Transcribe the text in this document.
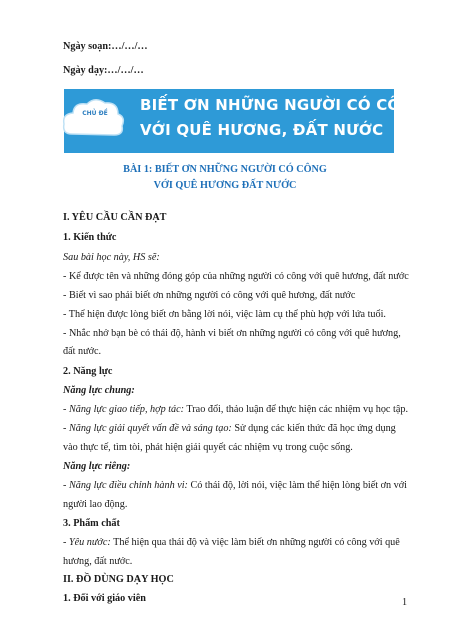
Ngày soạn:…/…/…
Ngày dạy:…/…/…
CHỦ ĐỀ	BIẾT ƠN NHỮNG NGƯỜI CÓ CÔNG
VỚI QUÊ HƯƠNG, ĐẤT NƯỚC
BÀI 1: BIẾT ƠN NHỮNG NGƯỜI CÓ CÔNG
VỚI QUÊ HƯƠNG ĐẤT NƯỚC
I. YÊU CẦU CẦN ĐẠT
1. Kiến thức
Sau bài học này, HS sẽ:
- Kể được tên và những đóng góp của những người có công với quê hương, đất nước
- Biết vì sao phải biết ơn những người có công với quê hương, đất nước
- Thể hiện được lòng biết ơn bằng lời nói, việc làm cụ thể phù hợp với lứa tuổi.
- Nhắc nhở bạn bè có thái độ, hành vi biết ơn những người có công với quê hương,
đất nước.
2. Năng lực
Năng lực chung:
- Năng lực giao tiếp, hợp tác: Trao đổi, thảo luận để thực hiện các nhiệm vụ học tập.
- Năng lực giải quyết vấn đề và sáng tạo: Sử dụng các kiến thức đã học ứng dụng
vào thực tế, tìm tòi, phát hiện giải quyết các nhiệm vụ trong cuộc sống.
Năng lực riêng:
- Năng lực điều chỉnh hành vi: Có thái độ, lời nói, việc làm thể hiện lòng biết ơn với
người lao động.
3. Phẩm chất
- Yêu nước: Thể hiện qua thái độ và việc làm biết ơn những người có công với quê
hương, đất nước.
II. ĐỒ DÙNG DẠY HỌC
1. Đối với giáo viên	1
